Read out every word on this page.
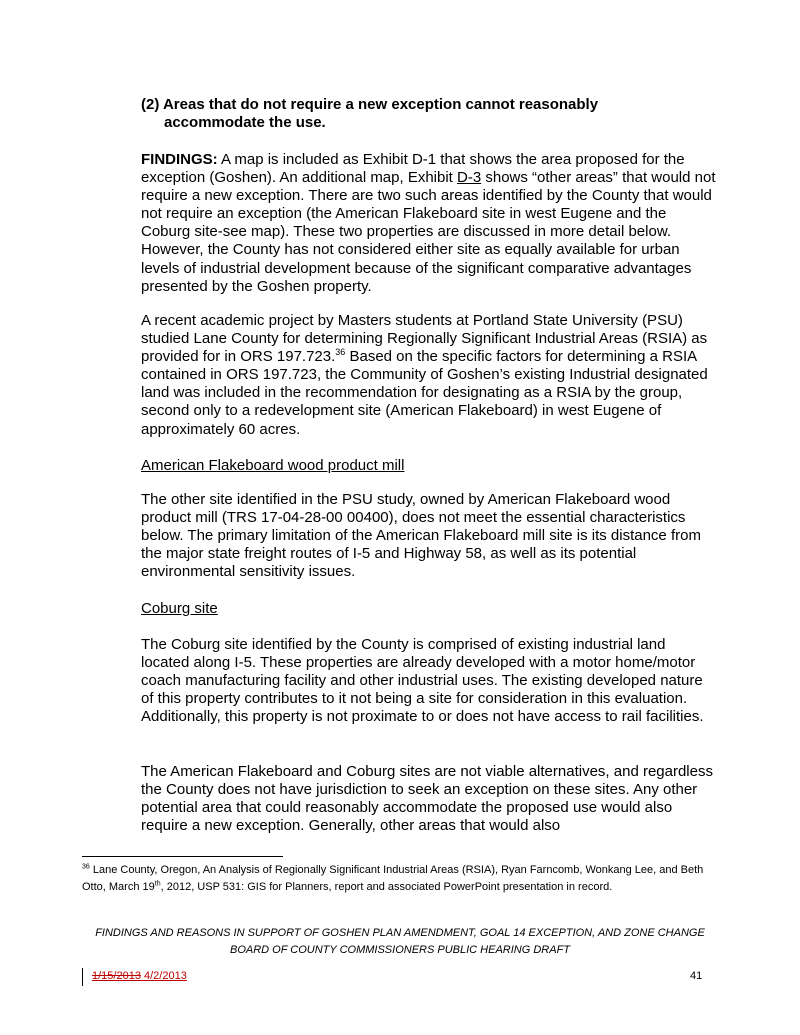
(2) Areas that do not require a new exception cannot reasonably
accommodate the use.

FINDINGS: A map is included as Exhibit D-1 that shows the area proposed for the exception (Goshen). An additional map, Exhibit D-3 shows “other areas” that would not require a new exception. There are two such areas identified by the County that would not require an exception (the American Flakeboard site in west Eugene and the Coburg site-see map). These two properties are discussed in more detail below. However, the County has not considered either site as equally available for urban levels of industrial development because of the significant comparative advantages presented by the Goshen property.

A recent academic project by Masters students at Portland State University (PSU) studied Lane County for determining Regionally Significant Industrial Areas (RSIA) as provided for in ORS 197.723.36 Based on the specific factors for determining a RSIA contained in ORS 197.723, the Community of Goshen’s existing Industrial designated land was included in the recommendation for designating as a RSIA by the group, second only to a redevelopment site (American Flakeboard) in west Eugene of approximately 60 acres.

American Flakeboard wood product mill

The other site identified in the PSU study, owned by American Flakeboard wood product mill (TRS 17-04-28-00 00400), does not meet the essential characteristics below. The primary limitation of the American Flakeboard mill site is its distance from the major state freight routes of I-5 and Highway 58, as well as its potential environmental sensitivity issues.

Coburg site

The Coburg site identified by the County is comprised of existing industrial land located along I-5. These properties are already developed with a motor home/motor coach manufacturing facility and other industrial uses. The existing developed nature of this property contributes to it not being a site for consideration in this evaluation. Additionally, this property is not proximate to or does not have access to rail facilities.

The American Flakeboard and Coburg sites are not viable alternatives, and regardless the County does not have jurisdiction to seek an exception on these sites. Any other potential area that could reasonably accommodate the proposed use would also require a new exception. Generally, other areas that would also

$^{36}$ Lane County, Oregon, An Analysis of Regionally Significant Industrial Areas (RSIA), Ryan Farncomb, Wonkang Lee, and Beth Otto, March 19th, 2012, USP 531: GIS for Planners, report and associated PowerPoint presentation in record.

FINDINGS AND REASONS IN SUPPORT OF GOSHEN PLAN AMENDMENT, GOAL 14 EXCEPTION, AND ZONE CHANGE
BOARD OF COUNTY COMMISSIONERS PUBLIC HEARING DRAFT
1/15/2013 4/2/2013	41
